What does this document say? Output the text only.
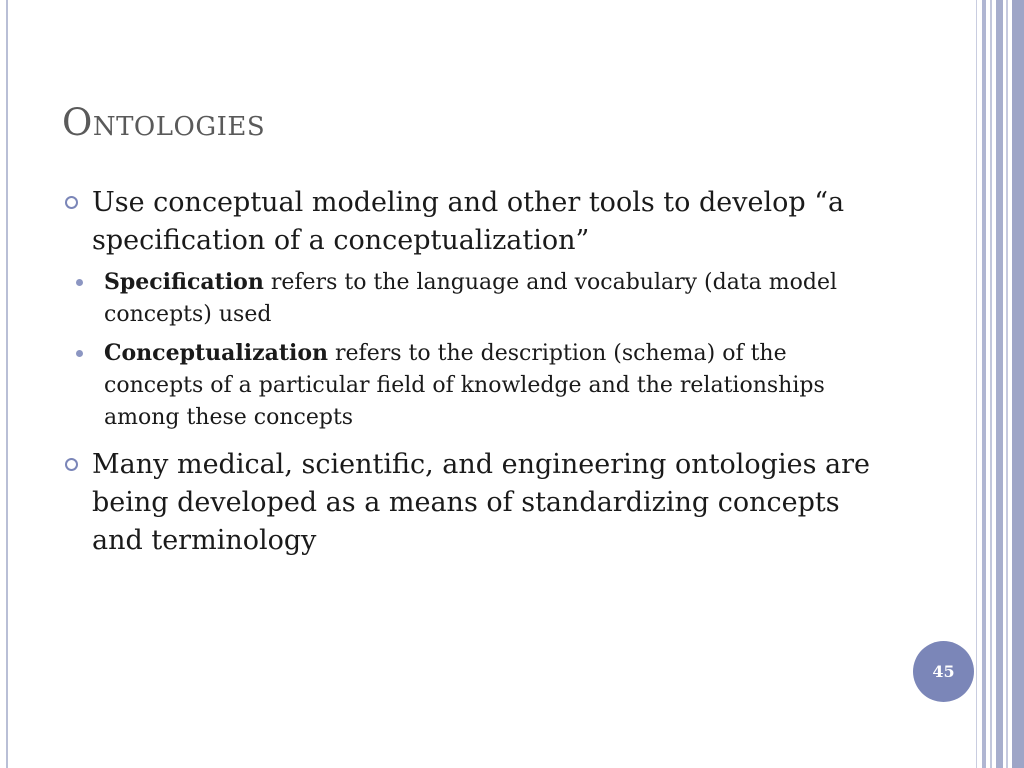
Ontologies
Use conceptual modeling and other tools to develop “a specification of a conceptualization”
Specification refers to the language and vocabulary (data model concepts) used
Conceptualization refers to the description (schema) of the concepts of a particular field of knowledge and the relationships among these concepts
Many medical, scientific, and engineering ontologies are being developed as a means of standardizing concepts and terminology
45
